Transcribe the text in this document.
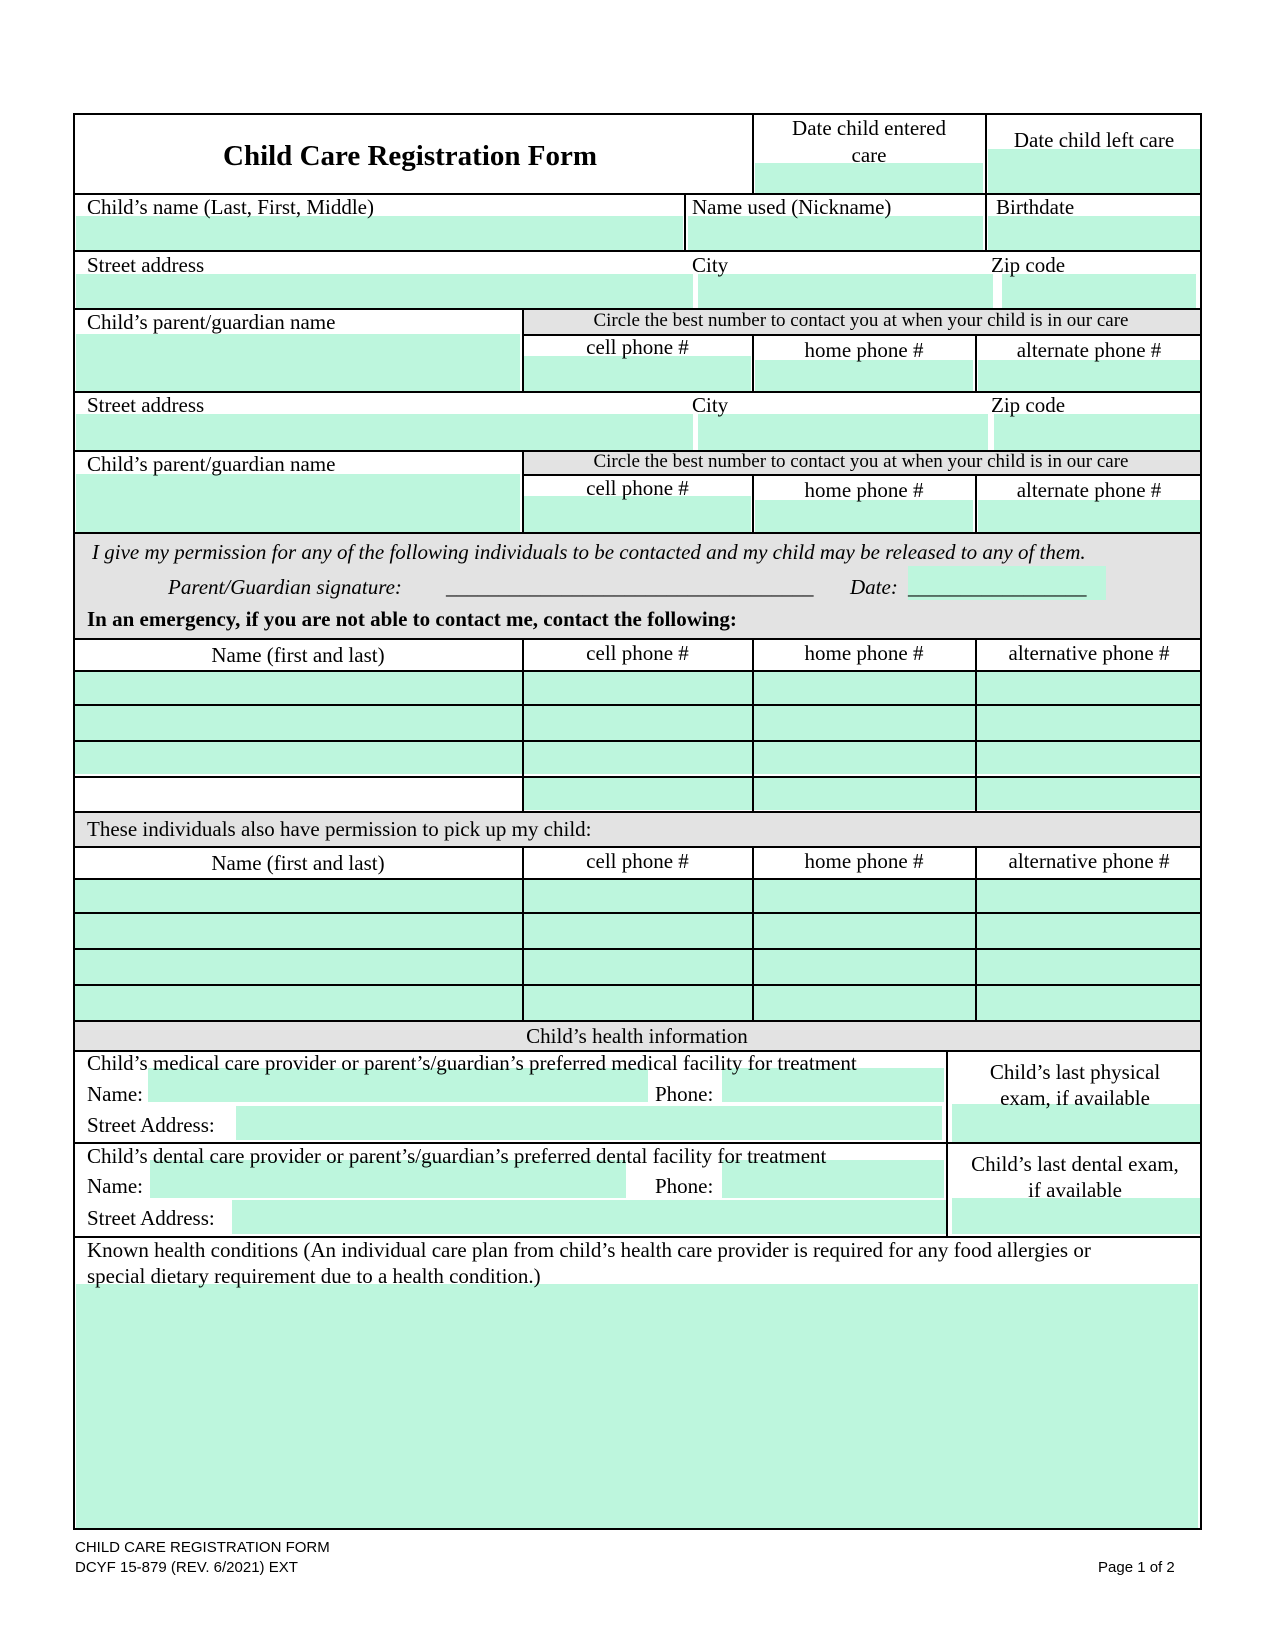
Child Care Registration Form
Date child entered
care
Date child left care
Child’s name (Last, First, Middle)	Name used (Nickname)	Birthdate
Street address	City	Zip code
Child’s parent/guardian name	Circle the best number to contact you at when your child is in our care
cell phone #	home phone #	alternate phone #
Street address	City	Zip code
Child’s parent/guardian name	Circle the best number to contact you at when your child is in our care
cell phone #	home phone #	alternate phone #
I give my permission for any of the following individuals to be contacted and my child may be released to any of them.
Parent/Guardian signature: ___________________________________ Date: _________________
In an emergency, if you are not able to contact me, contact the following:
Name (first and last)	cell phone #	home phone #	alternative phone #
These individuals also have permission to pick up my child:
Name (first and last)	cell phone #	home phone #	alternative phone #
Child’s health information
Child’s medical care provider or parent’s/guardian’s preferred medical facility for treatment
Name:	Phone:
Street Address:
Child’s last physical
exam, if available
Child’s dental care provider or parent’s/guardian’s preferred dental facility for treatment
Name:	Phone:
Street Address:
Child’s last dental exam,
if available
Known health conditions (An individual care plan from child’s health care provider is required for any food allergies or
special dietary requirement due to a health condition.)
CHILD CARE REGISTRATION FORM
DCYF 15-879 (REV. 6/2021) EXT	Page 1 of 2
